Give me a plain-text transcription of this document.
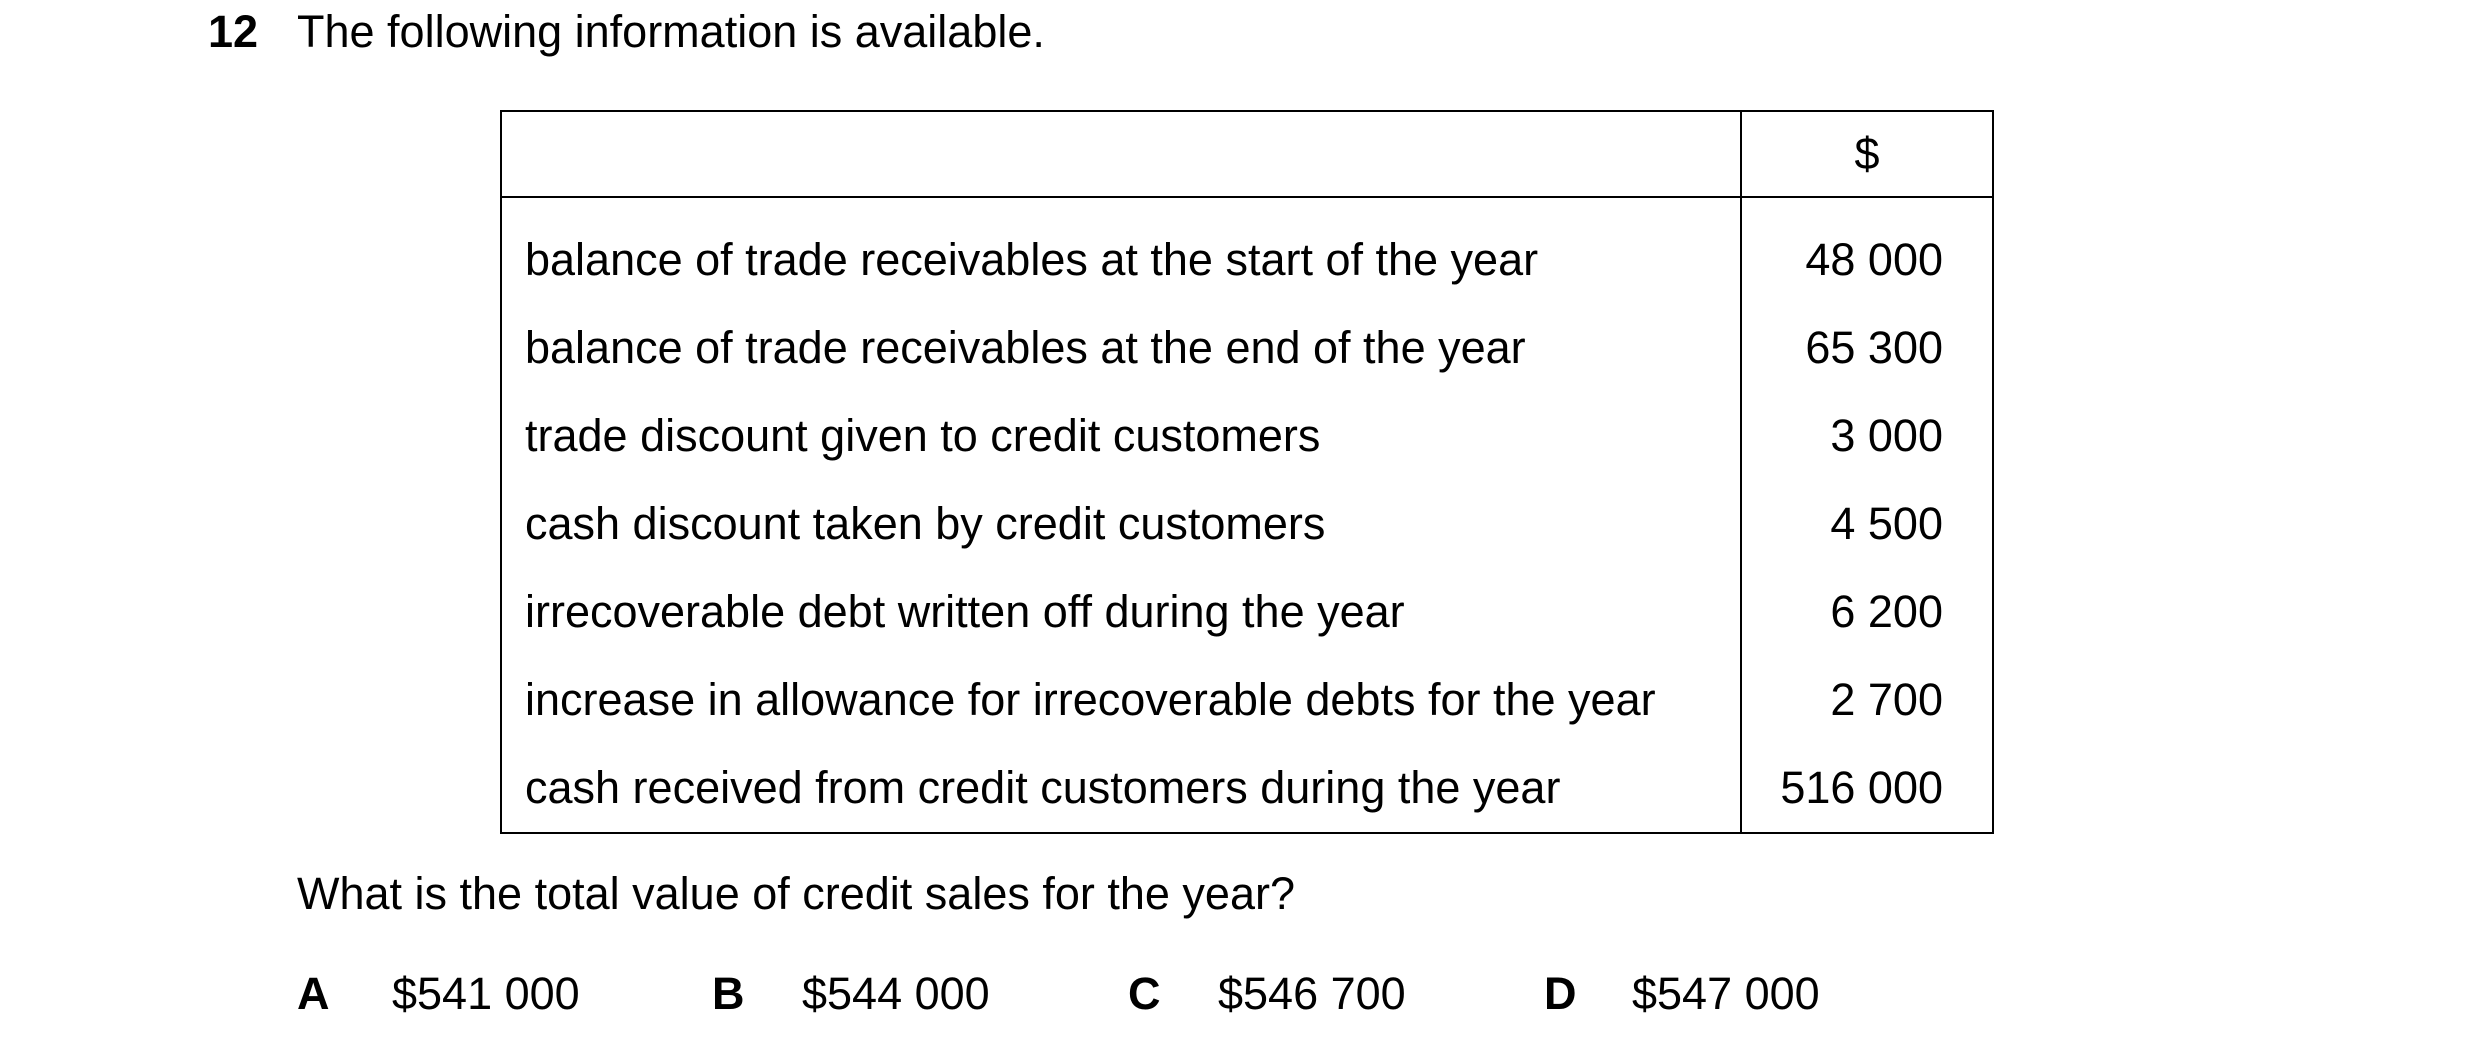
12 The following information is available.
	$
balance of trade receivables at the start of the year	48 000
balance of trade receivables at the end of the year	65 300
trade discount given to credit customers	3 000
cash discount taken by credit customers	4 500
irrecoverable debt written off during the year	6 200
increase in allowance for irrecoverable debts for the year	2 700
cash received from credit customers during the year	516 000
What is the total value of credit sales for the year?
A $541 000	B $544 000	C $546 700	D $547 000
